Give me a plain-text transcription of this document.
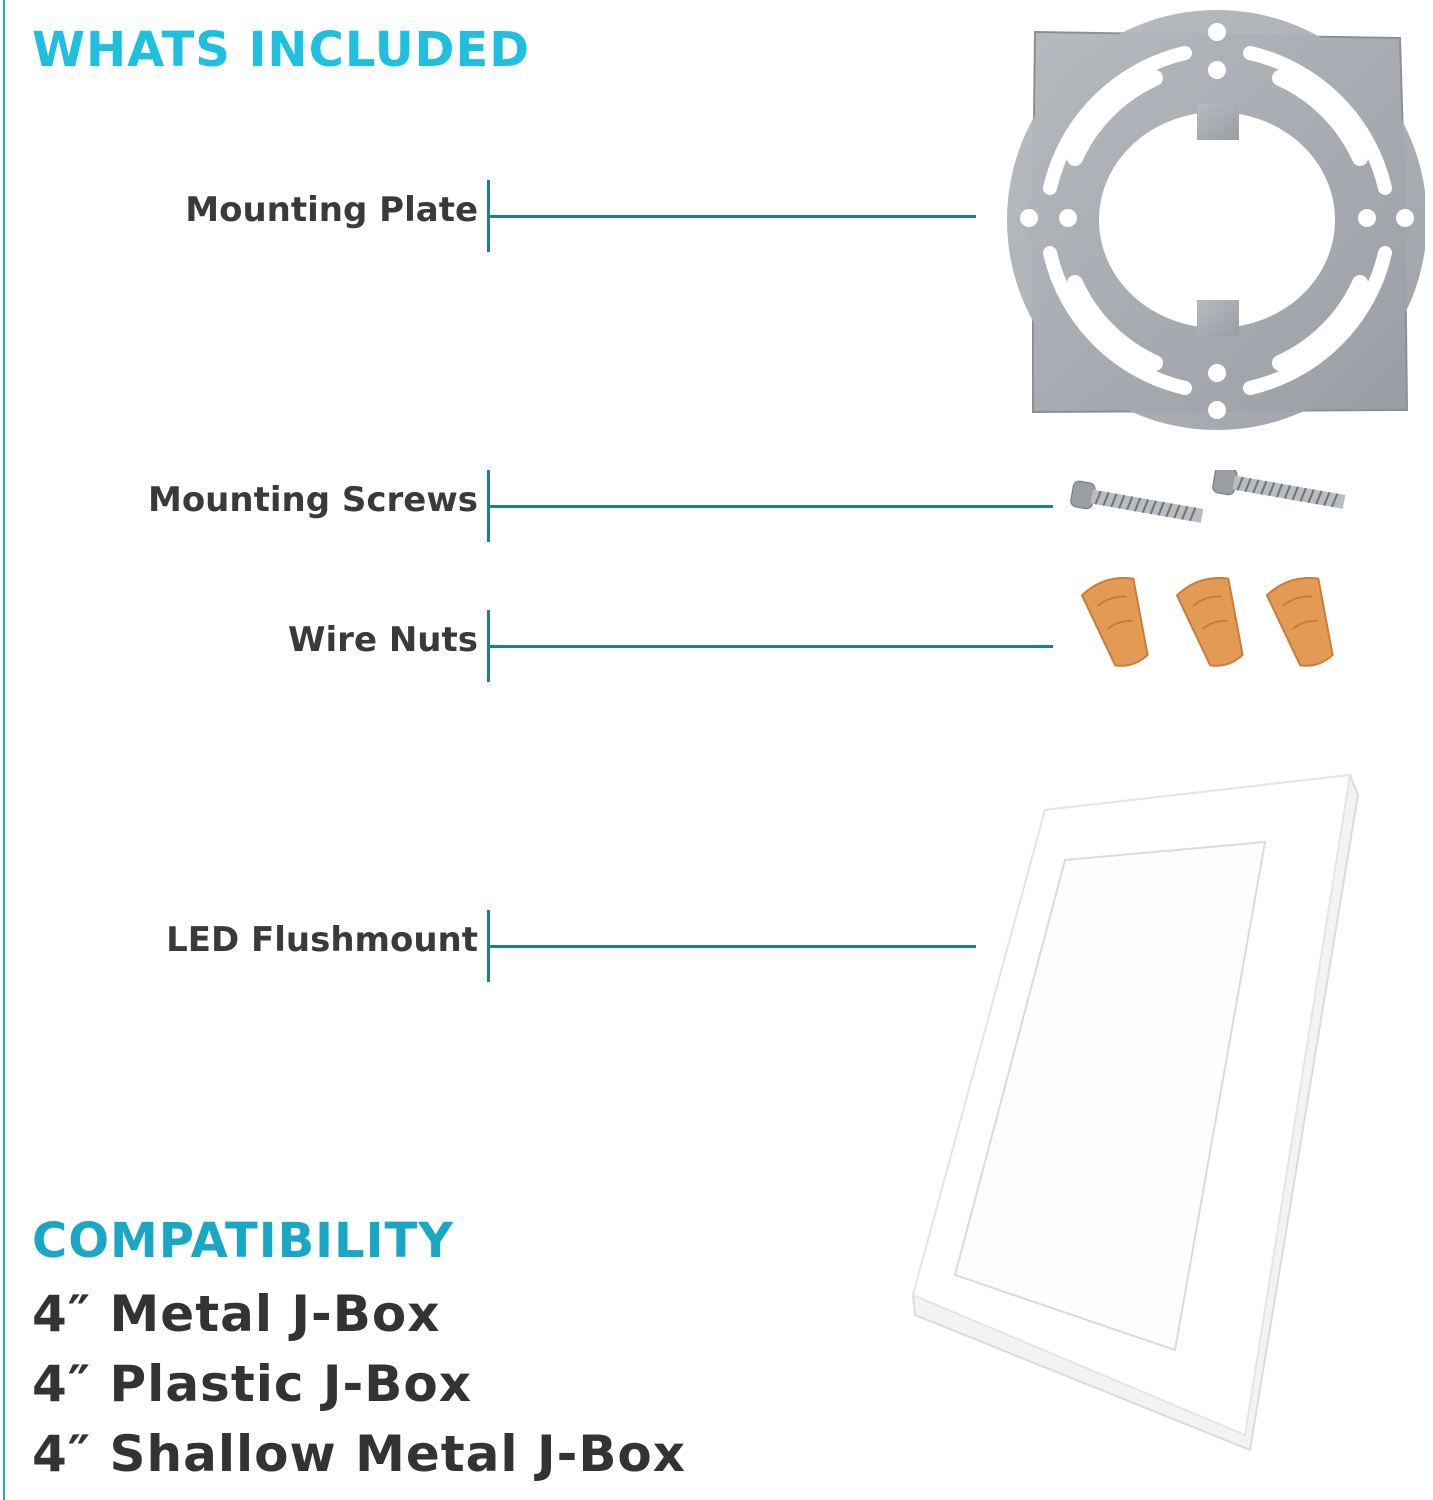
WHATS INCLUDED
Mounting Plate
Mounting Screws
Wire Nuts
LED Flushmount
COMPATIBILITY
4″ Metal J-Box
4″ Plastic J-Box
4″ Shallow Metal J-Box
